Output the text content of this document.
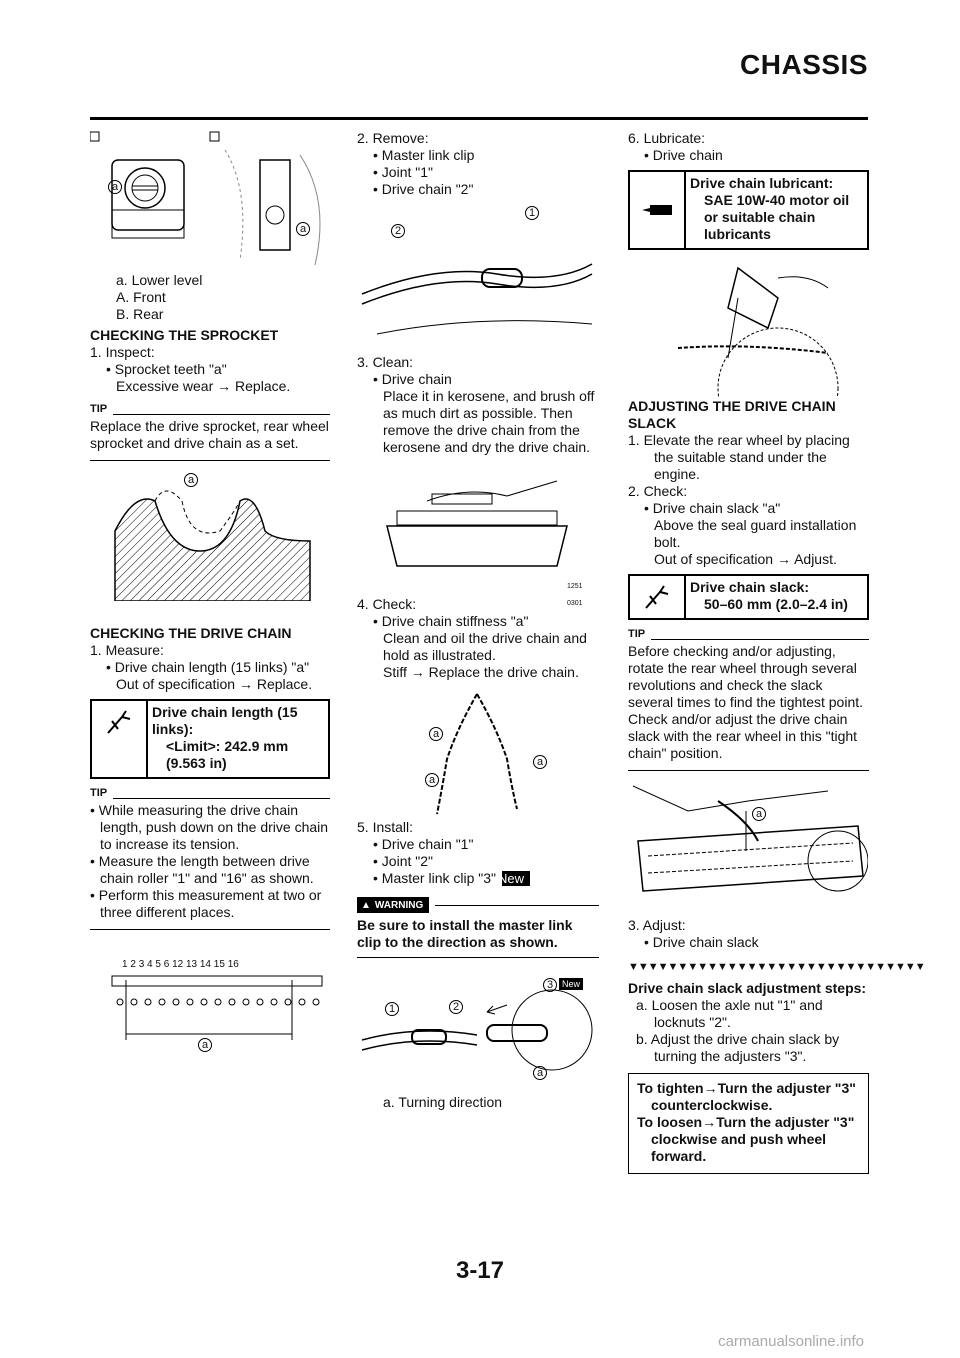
CHASSIS
a
a

a. Lower level

A. Front

B. Rear

CHECKING THE SPROCKET

1. Inspect:

• Sprocket teeth "a"

Excessive wear → Replace.

TIP

Replace the drive sprocket, rear wheel sprocket and drive chain as a set.

a

CHECKING THE DRIVE CHAIN

1. Measure:

• Drive chain length (15 links) "a"

Out of specification → Replace.

Drive chain length (15 links):

<Limit>: 242.9 mm (9.563 in)

TIP

• While measuring the drive chain length, push down on the drive chain to increase its tension.

• Measure the length between drive chain roller "1" and "16" as shown.

• Perform this measurement at two or three different places.

1 2 3 4 5 6 12 13 14 15 16
a

2. Remove:

• Master link clip

• Joint "1"

• Drive chain "2"

2
1

3. Clean:

• Drive chain

Place it in kerosene, and brush off as much dirt as possible. Then remove the drive chain from the kerosene and dry the drive chain.

1251 0301

4. Check:

• Drive chain stiffness "a"

Clean and oil the drive chain and hold as illustrated.

Stiff → Replace the drive chain.

a
a
a

5. Install:

• Drive chain "1"

• Joint "2"

• Master link clip "3" New

▲ WARNING

Be sure to install the master link clip to the direction as shown.

1	2
3 New
a

a. Turning direction

6. Lubricate:

• Drive chain

Drive chain lubricant:

SAE 10W-40 motor oil or suitable chain lubricants

ADJUSTING THE DRIVE CHAIN SLACK

1. Elevate the rear wheel by placing the suitable stand under the engine.

2. Check:

• Drive chain slack "a"

Above the seal guard installation bolt.

Out of specification → Adjust.

Drive chain slack:

50–60 mm (2.0–2.4 in)

TIP

Before checking and/or adjusting, rotate the rear wheel through several revolutions and check the slack several times to find the tightest point. Check and/or adjust the drive chain slack with the rear wheel in this "tight chain" position.

a

3. Adjust:

• Drive chain slack

▼▼▼▼▼▼▼▼▼▼▼▼▼▼▼▼▼▼▼▼▼▼▼▼▼▼▼▼▼▼

Drive chain slack adjustment steps:

a. Loosen the axle nut "1" and locknuts "2".

b. Adjust the drive chain slack by turning the adjusters "3".

To tighten→Turn the adjuster "3" counterclockwise.

To loosen→Turn the adjuster "3" clockwise and push wheel forward.

3-17
carmanualsonline.info
